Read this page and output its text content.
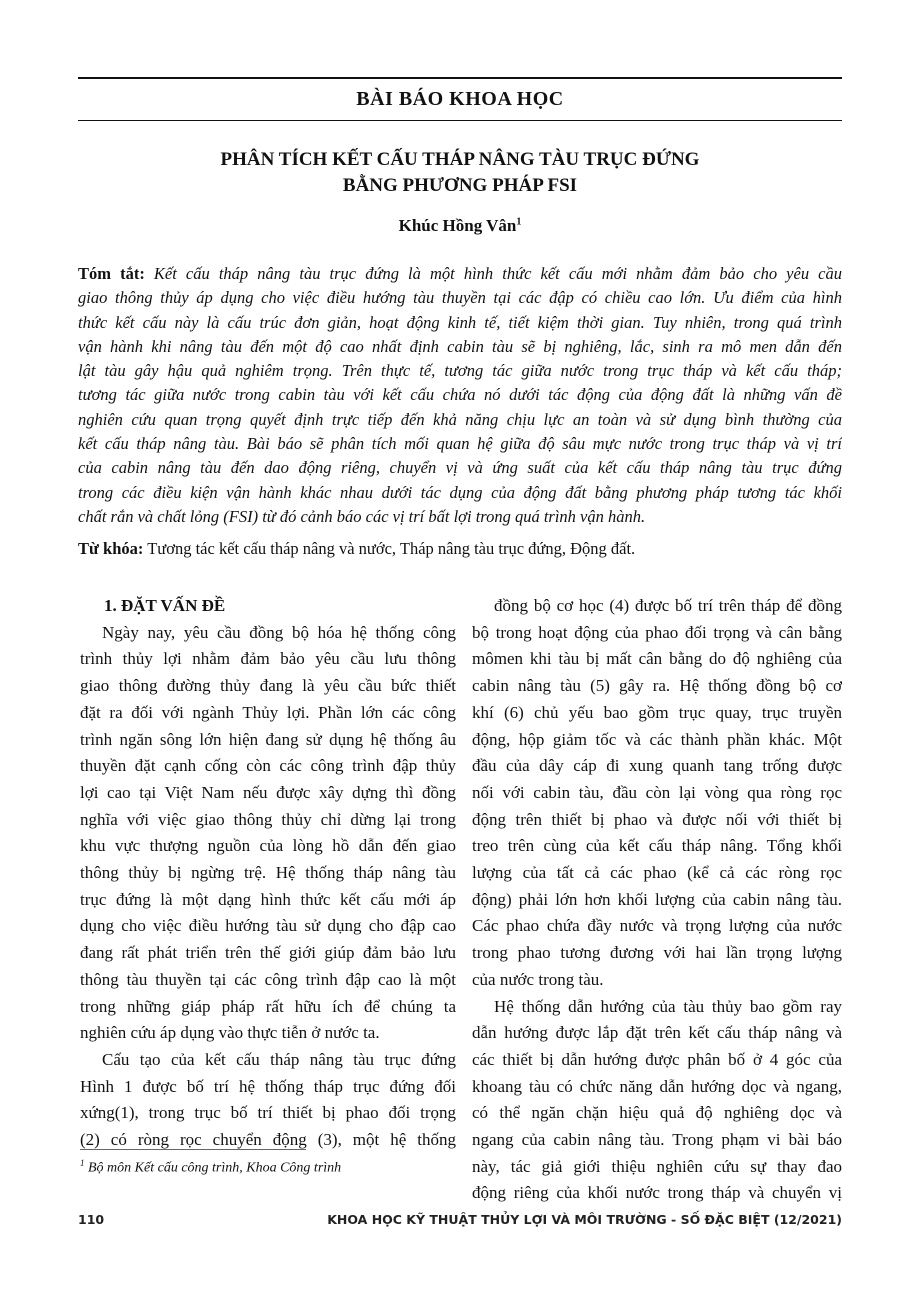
BÀI BÁO KHOA HỌC
PHÂN TÍCH KẾT CẤU THÁP NÂNG TÀU TRỤC ĐỨNG
BẰNG PHƯƠNG PHÁP FSI
Khúc Hồng Vân$^1$
Tóm tắt: Kết cấu tháp nâng tàu trục đứng là một hình thức kết cấu mới nhằm đảm bảo cho yêu cầu
giao thông thủy áp dụng cho việc điều hướng tàu thuyền tại các đập có chiều cao lớn. Ưu điểm của hình
thức kết cấu này là cấu trúc đơn giản, hoạt động kinh tế, tiết kiệm thời gian. Tuy nhiên, trong quá trình
vận hành khi nâng tàu đến một độ cao nhất định cabin tàu sẽ bị nghiêng, lắc, sinh ra mô men dẫn đến
lật tàu gây hậu quả nghiêm trọng. Trên thực tế, tương tác giữa nước trong trục tháp và kết cấu tháp;
tương tác giữa nước trong cabin tàu với kết cấu chứa nó dưới tác động của động đất là những vấn đề
nghiên cứu quan trọng quyết định trực tiếp đến khả năng chịu lực an toàn và sử dụng bình thường của
kết cấu tháp nâng tàu. Bài báo sẽ phân tích mối quan hệ giữa độ sâu mực nước trong trục tháp và vị trí
của cabin nâng tàu đến dao động riêng, chuyển vị và ứng suất của kết cấu tháp nâng tàu trục đứng
trong các điều kiện vận hành khác nhau dưới tác dụng của động đất bằng phương pháp tương tác khối
chất rắn và chất lỏng (FSI) từ đó cảnh báo các vị trí bất lợi trong quá trình vận hành.
Từ khóa: Tương tác kết cấu tháp nâng và nước, Tháp nâng tàu trục đứng, Động đất.
1. ĐẶT VẤN ĐỀ
Ngày nay, yêu cầu đồng bộ hóa hệ thống công
trình thủy lợi nhằm đảm bảo yêu cầu lưu thông
giao thông đường thủy đang là yêu cầu bức thiết
đặt ra đối với ngành Thủy lợi. Phần lớn các công
trình ngăn sông lớn hiện đang sử dụng hệ thống âu
thuyền đặt cạnh cống còn các công trình đập thủy
lợi cao tại Việt Nam nếu được xây dựng thì đồng
nghĩa với việc giao thông thủy chỉ dừng lại trong
khu vực thượng nguồn của lòng hồ dẫn đến giao
thông thủy bị ngừng trệ. Hệ thống tháp nâng tàu
trục đứng là một dạng hình thức kết cấu mới áp
dụng cho việc điều hướng tàu sử dụng cho đập cao
đang rất phát triển trên thế giới giúp đảm bảo lưu
thông tàu thuyền tại các công trình đập cao là một
trong những giáp pháp rất hữu ích để chúng ta
nghiên cứu áp dụng vào thực tiễn ở nước ta.
Cấu tạo của kết cấu tháp nâng tàu trục đứng
Hình 1 được bố trí hệ thống tháp trục đứng đối
xứng(1), trong trục bố trí thiết bị phao đối trọng
(2) có ròng rọc chuyển động (3), một hệ thống
đồng bộ cơ học (4) được bố trí trên tháp để đồng
bộ trong hoạt động của phao đối trọng và cân bằng
mômen khi tàu bị mất cân bằng do độ nghiêng của
cabin nâng tàu (5) gây ra. Hệ thống đồng bộ cơ
khí (6) chủ yếu bao gồm trục quay, trục truyền
động, hộp giảm tốc và các thành phần khác. Một
đầu của dây cáp đi xung quanh tang trống được
nối với cabin tàu, đầu còn lại vòng qua ròng rọc
động trên thiết bị phao và được nối với thiết bị
treo trên cùng của kết cấu tháp nâng. Tổng khối
lượng của tất cả các phao (kể cả các ròng rọc
động) phải lớn hơn khối lượng của cabin nâng tàu.
Các phao chứa đầy nước và trọng lượng của nước
trong phao tương đương với hai lần trọng lượng
của nước trong tàu.
Hệ thống dẫn hướng của tàu thủy bao gồm ray
dẫn hướng được lắp đặt trên kết cấu tháp nâng và
các thiết bị dẫn hướng được phân bố ở 4 góc của
khoang tàu có chức năng dẫn hướng dọc và ngang,
có thể ngăn chặn hiệu quả độ nghiêng dọc và
ngang của cabin nâng tàu. Trong phạm vi bài báo
này, tác giả giới thiệu nghiên cứu sự thay đao
động riêng của khối nước trong tháp và chuyển vị
$^1$ Bộ môn Kết cấu công trình, Khoa Công trình
110	KHOA HỌC KỸ THUẬT THỦY LỢI VÀ MÔI TRƯỜNG - SỐ ĐẶC BIỆT (12/2021)
